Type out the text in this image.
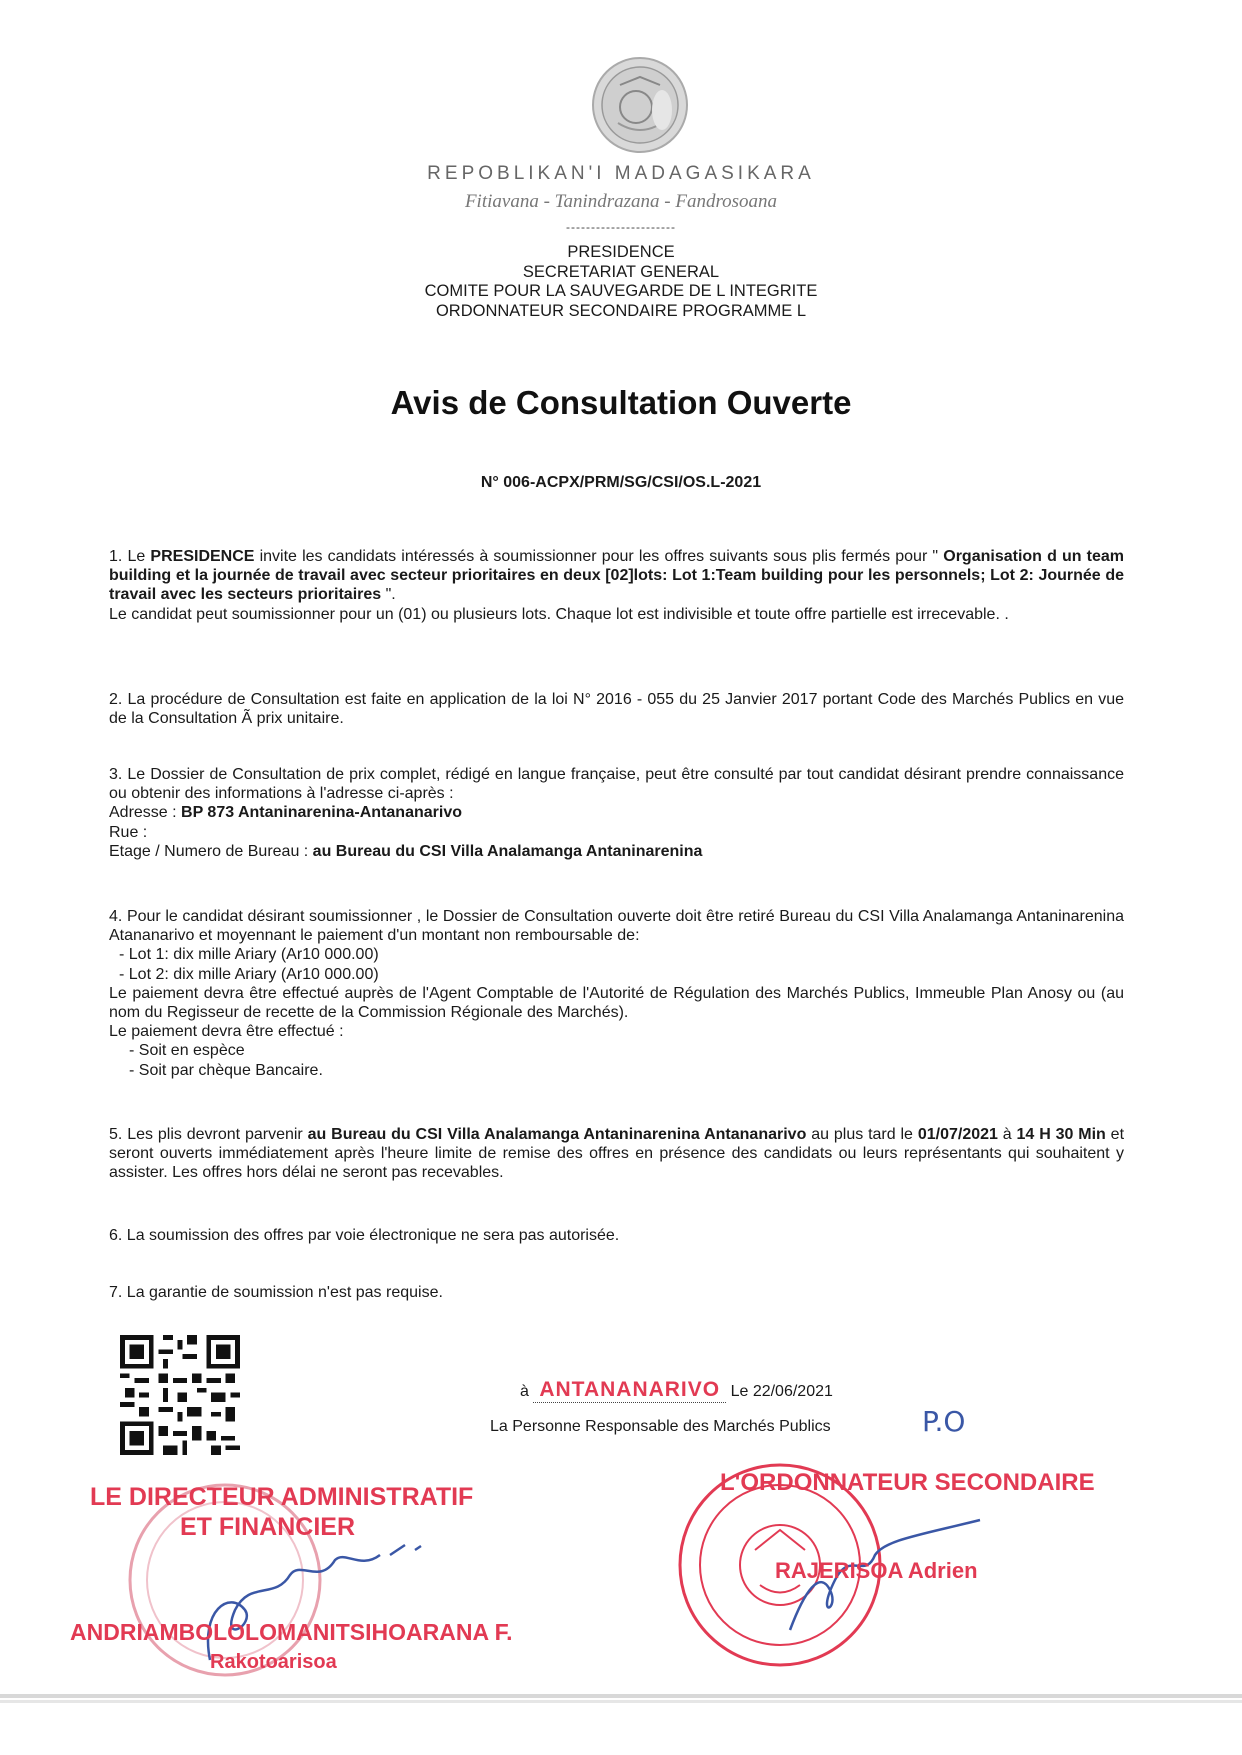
REPOBLIKAN'I MADAGASIKARA
Fitiavana - Tanindrazana - Fandrosoana
----------------------
PRESIDENCE
SECRETARIAT GENERAL
COMITE POUR LA SAUVEGARDE DE L INTEGRITE
ORDONNATEUR SECONDAIRE PROGRAMME L
Avis de Consultation Ouverte
N° 006-ACPX/PRM/SG/CSI/OS.L-2021
1. Le PRESIDENCE invite les candidats intéressés à soumissionner pour les offres suivants sous plis fermés pour " Organisation d un team building et la journée de travail avec secteur prioritaires en deux [02]lots: Lot 1:Team building pour les personnels; Lot 2: Journée de travail avec les secteurs prioritaires ".
Le candidat peut soumissionner pour un (01) ou plusieurs lots. Chaque lot est indivisible et toute offre partielle est irrecevable. .
2. La procédure de Consultation est faite en application de la loi N° 2016 - 055 du 25 Janvier 2017 portant Code des Marchés Publics en vue de la Consultation Ã prix unitaire.
3. Le Dossier de Consultation de prix complet, rédigé en langue française, peut être consulté par tout candidat désirant prendre connaissance ou obtenir des informations à l'adresse ci-après :
Adresse : BP 873 Antaninarenina-Antananarivo
Rue :
Etage / Numero de Bureau : au Bureau du CSI Villa Analamanga Antaninarenina
4. Pour le candidat désirant soumissionner , le Dossier de Consultation ouverte doit être retiré Bureau du CSI Villa Analamanga Antaninarenina Atananarivo et moyennant le paiement d'un montant non remboursable de:

- Lot 1: dix mille Ariary (Ar10 000.00)
- Lot 2: dix mille Ariary (Ar10 000.00)
Le paiement devra être effectué auprès de l'Agent Comptable de l'Autorité de Régulation des Marchés Publics, Immeuble Plan Anosy ou (au nom du Regisseur de recette de la Commission Régionale des Marchés).
Le paiement devra être effectué :

- Soit en espèce
- Soit par chèque Bancaire.
5. Les plis devront parvenir au Bureau du CSI Villa Analamanga Antaninarenina Antananarivo au plus tard le 01/07/2021 à 14 H 30 Min et seront ouverts immédiatement après l'heure limite de remise des offres en présence des candidats ou leurs représentants qui souhaitent y assister. Les offres hors délai ne seront pas recevables.
6. La soumission des offres par voie électronique ne sera pas autorisée.
7. La garantie de soumission n'est pas requise.
à ANTANANARIVO Le 22/06/2021
La Personne Responsable des Marchés Publics	P.O
LE DIRECTEUR ADMINISTRATIF
ET FINANCIER
ANDRIAMBOLOLOMANITSIHOARANA F.
Rakotoarisoa
L'ORDONNATEUR SECONDAIRE
RAJERISOA Adrien
